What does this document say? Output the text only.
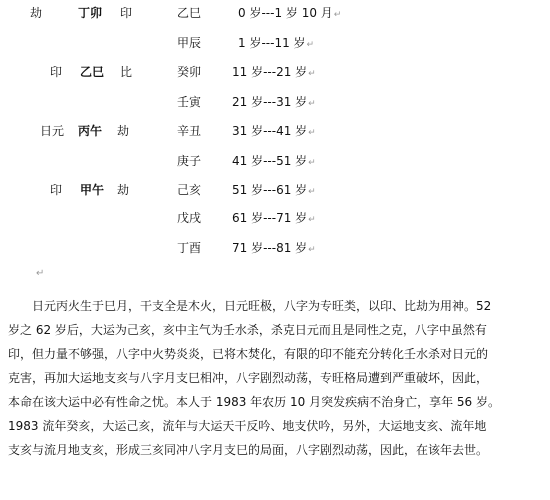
劫	丁卯 印	乙巳	0 岁---1 岁 10 月↵
甲辰	1 岁---11 岁↵
印 乙巳 比	癸卯	11 岁---21 岁↵
壬寅	21 岁---31 岁↵
日元 丙午 劫	辛丑	31 岁---41 岁↵
庚子	41 岁---51 岁↵
印 甲午 劫	己亥	51 岁---61 岁↵
戊戌	61 岁---71 岁↵
丁酉	71 岁---81 岁↵
↵
　　日元丙火生于巳月，干支全是木火，日元旺极，八字为专旺类，以印、比劫为用神。52
岁之 62 岁后，大运为己亥，亥中主气为壬水杀，杀克日元而且是同性之克，八字中虽然有
印，但力量不够强，八字中火势炎炎，已将木焚化，有限的印不能充分转化壬水杀对日元的
克害，再加大运地支亥与八字月支巳相冲，八字剧烈动荡，专旺格局遭到严重破坏，因此，
本命在该大运中必有性命之忧。本人于 1983 年农历 10 月突发疾病不治身亡，享年 56 岁。
1983 流年癸亥，大运己亥，流年与大运天干反吟、地支伏吟，另外，大运地支亥、流年地
支亥与流月地支亥，形成三亥同冲八字月支巳的局面，八字剧烈动荡，因此，在该年去世。
